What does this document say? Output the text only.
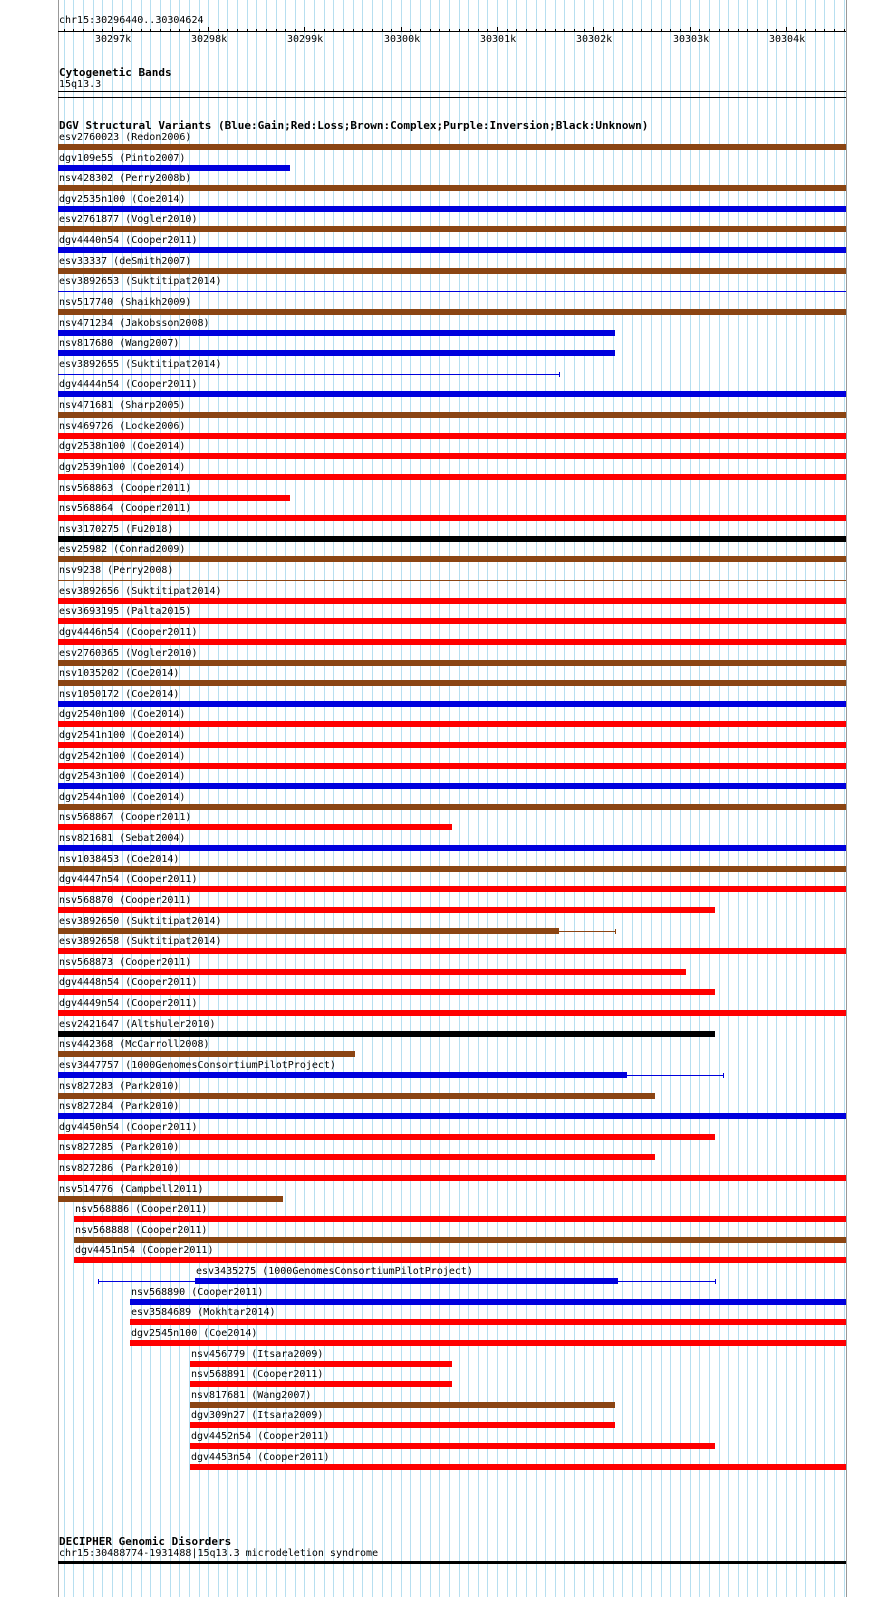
chr15:30296440..30304624
30297k	30298k	30299k	30300k	30301k	30302k	30303k	30304k
Cytogenetic Bands
15q13.3
DGV Structural Variants (Blue:Gain;Red:Loss;Brown:Complex;Purple:Inversion;Black:Unknown)
esv2760023 (Redon2006)
dgv109e55 (Pinto2007)
nsv428302 (Perry2008b)
dgv2535n100 (Coe2014)
esv2761877 (Vogler2010)
dgv4440n54 (Cooper2011)
esv33337 (deSmith2007)
esv3892653 (Suktitipat2014)
nsv517740 (Shaikh2009)
nsv471234 (Jakobsson2008)
nsv817680 (Wang2007)
esv3892655 (Suktitipat2014)
dgv4444n54 (Cooper2011)
nsv471681 (Sharp2005)
nsv469726 (Locke2006)
dgv2538n100 (Coe2014)
dgv2539n100 (Coe2014)
nsv568863 (Cooper2011)
nsv568864 (Cooper2011)
nsv3170275 (Fu2018)
esv25982 (Conrad2009)
nsv9238 (Perry2008)
esv3892656 (Suktitipat2014)
esv3693195 (Palta2015)
dgv4446n54 (Cooper2011)
esv2760365 (Vogler2010)
nsv1035202 (Coe2014)
nsv1050172 (Coe2014)
dgv2540n100 (Coe2014)
dgv2541n100 (Coe2014)
dgv2542n100 (Coe2014)
dgv2543n100 (Coe2014)
dgv2544n100 (Coe2014)
nsv568867 (Cooper2011)
nsv821681 (Sebat2004)
nsv1038453 (Coe2014)
dgv4447n54 (Cooper2011)
nsv568870 (Cooper2011)
esv3892650 (Suktitipat2014)
esv3892658 (Suktitipat2014)
nsv568873 (Cooper2011)
dgv4448n54 (Cooper2011)
dgv4449n54 (Cooper2011)
esv2421647 (Altshuler2010)
nsv442368 (McCarroll2008)
esv3447757 (1000GenomesConsortiumPilotProject)
nsv827283 (Park2010)
nsv827284 (Park2010)
dgv4450n54 (Cooper2011)
nsv827285 (Park2010)
nsv827286 (Park2010)
nsv514776 (Campbell2011)
nsv568886 (Cooper2011)
nsv568888 (Cooper2011)
dgv4451n54 (Cooper2011)
esv3435275 (1000GenomesConsortiumPilotProject)
nsv568890 (Cooper2011)
esv3584689 (Mokhtar2014)
dgv2545n100 (Coe2014)
nsv456779 (Itsara2009)
nsv568891 (Cooper2011)
nsv817681 (Wang2007)
dgv309n27 (Itsara2009)
dgv4452n54 (Cooper2011)
dgv4453n54 (Cooper2011)
DECIPHER Genomic Disorders
chr15:30488774-1931488|15q13.3 microdeletion syndrome
